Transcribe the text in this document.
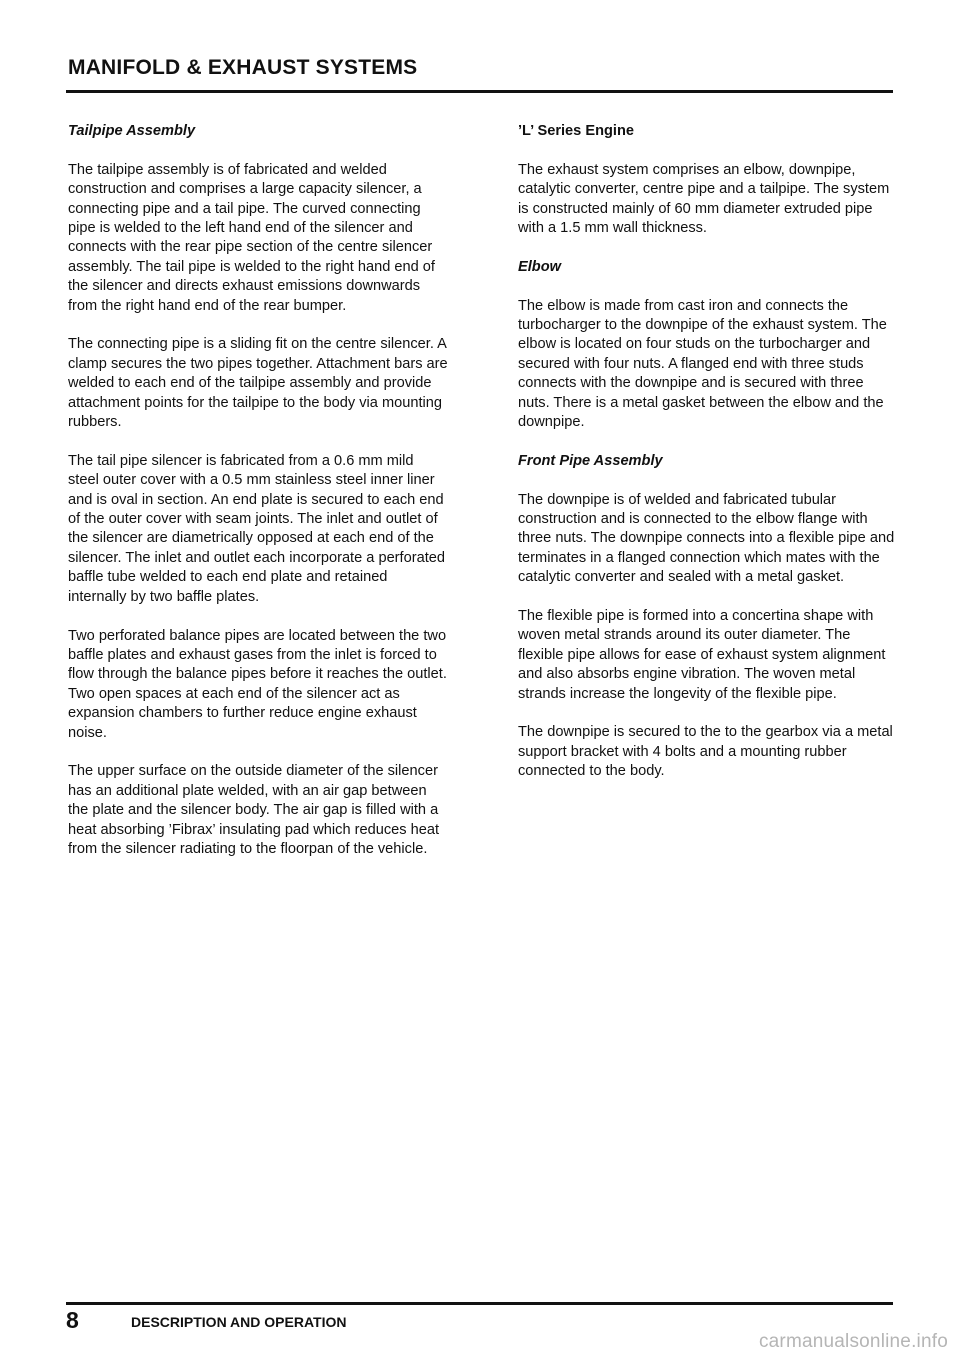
MANIFOLD & EXHAUST SYSTEMS
Tailpipe Assembly

The tailpipe assembly is of fabricated and welded construction and comprises a large capacity silencer, a connecting pipe and a tail pipe. The curved connecting pipe is welded to the left hand end of the silencer and connects with the rear pipe section of the centre silencer assembly. The tail pipe is welded to the right hand end of the silencer and directs exhaust emissions downwards from the right hand end of the rear bumper.

The connecting pipe is a sliding fit on the centre silencer. A clamp secures the two pipes together. Attachment bars are welded to each end of the tailpipe assembly and provide attachment points for the tailpipe to the body via mounting rubbers.

The tail pipe silencer is fabricated from a 0.6 mm mild steel outer cover with a 0.5 mm stainless steel inner liner and is oval in section. An end plate is secured to each end of the outer cover with seam joints. The inlet and outlet of the silencer are diametrically opposed at each end of the silencer. The inlet and outlet each incorporate a perforated baffle tube welded to each end plate and retained internally by two baffle plates.

Two perforated balance pipes are located between the two baffle plates and exhaust gases from the inlet is forced to flow through the balance pipes before it reaches the outlet. Two open spaces at each end of the silencer act as expansion chambers to further reduce engine exhaust noise.

The upper surface on the outside diameter of the silencer has an additional plate welded, with an air gap between the plate and the silencer body. The air gap is filled with a heat absorbing ’Fibrax’ insulating pad which reduces heat from the silencer radiating to the floorpan of the vehicle.

’L’ Series Engine

The exhaust system comprises an elbow, downpipe, catalytic converter, centre pipe and a tailpipe. The system is constructed mainly of 60 mm diameter extruded pipe with a 1.5 mm wall thickness.

Elbow

The elbow is made from cast iron and connects the turbocharger to the downpipe of the exhaust system. The elbow is located on four studs on the turbocharger and secured with four nuts. A flanged end with three studs connects with the downpipe and is secured with three nuts. There is a metal gasket between the elbow and the downpipe.

Front Pipe Assembly

The downpipe is of welded and fabricated tubular construction and is connected to the elbow flange with three nuts. The downpipe connects into a flexible pipe and terminates in a flanged connection which mates with the catalytic converter and sealed with a metal gasket.

The flexible pipe is formed into a concertina shape with woven metal strands around its outer diameter. The flexible pipe allows for ease of exhaust system alignment and also absorbs engine vibration. The woven metal strands increase the longevity of the flexible pipe.

The downpipe is secured to the to the gearbox via a metal support bracket with 4 bolts and a mounting rubber connected to the body.

8	DESCRIPTION AND OPERATION
carmanualsonline.info
